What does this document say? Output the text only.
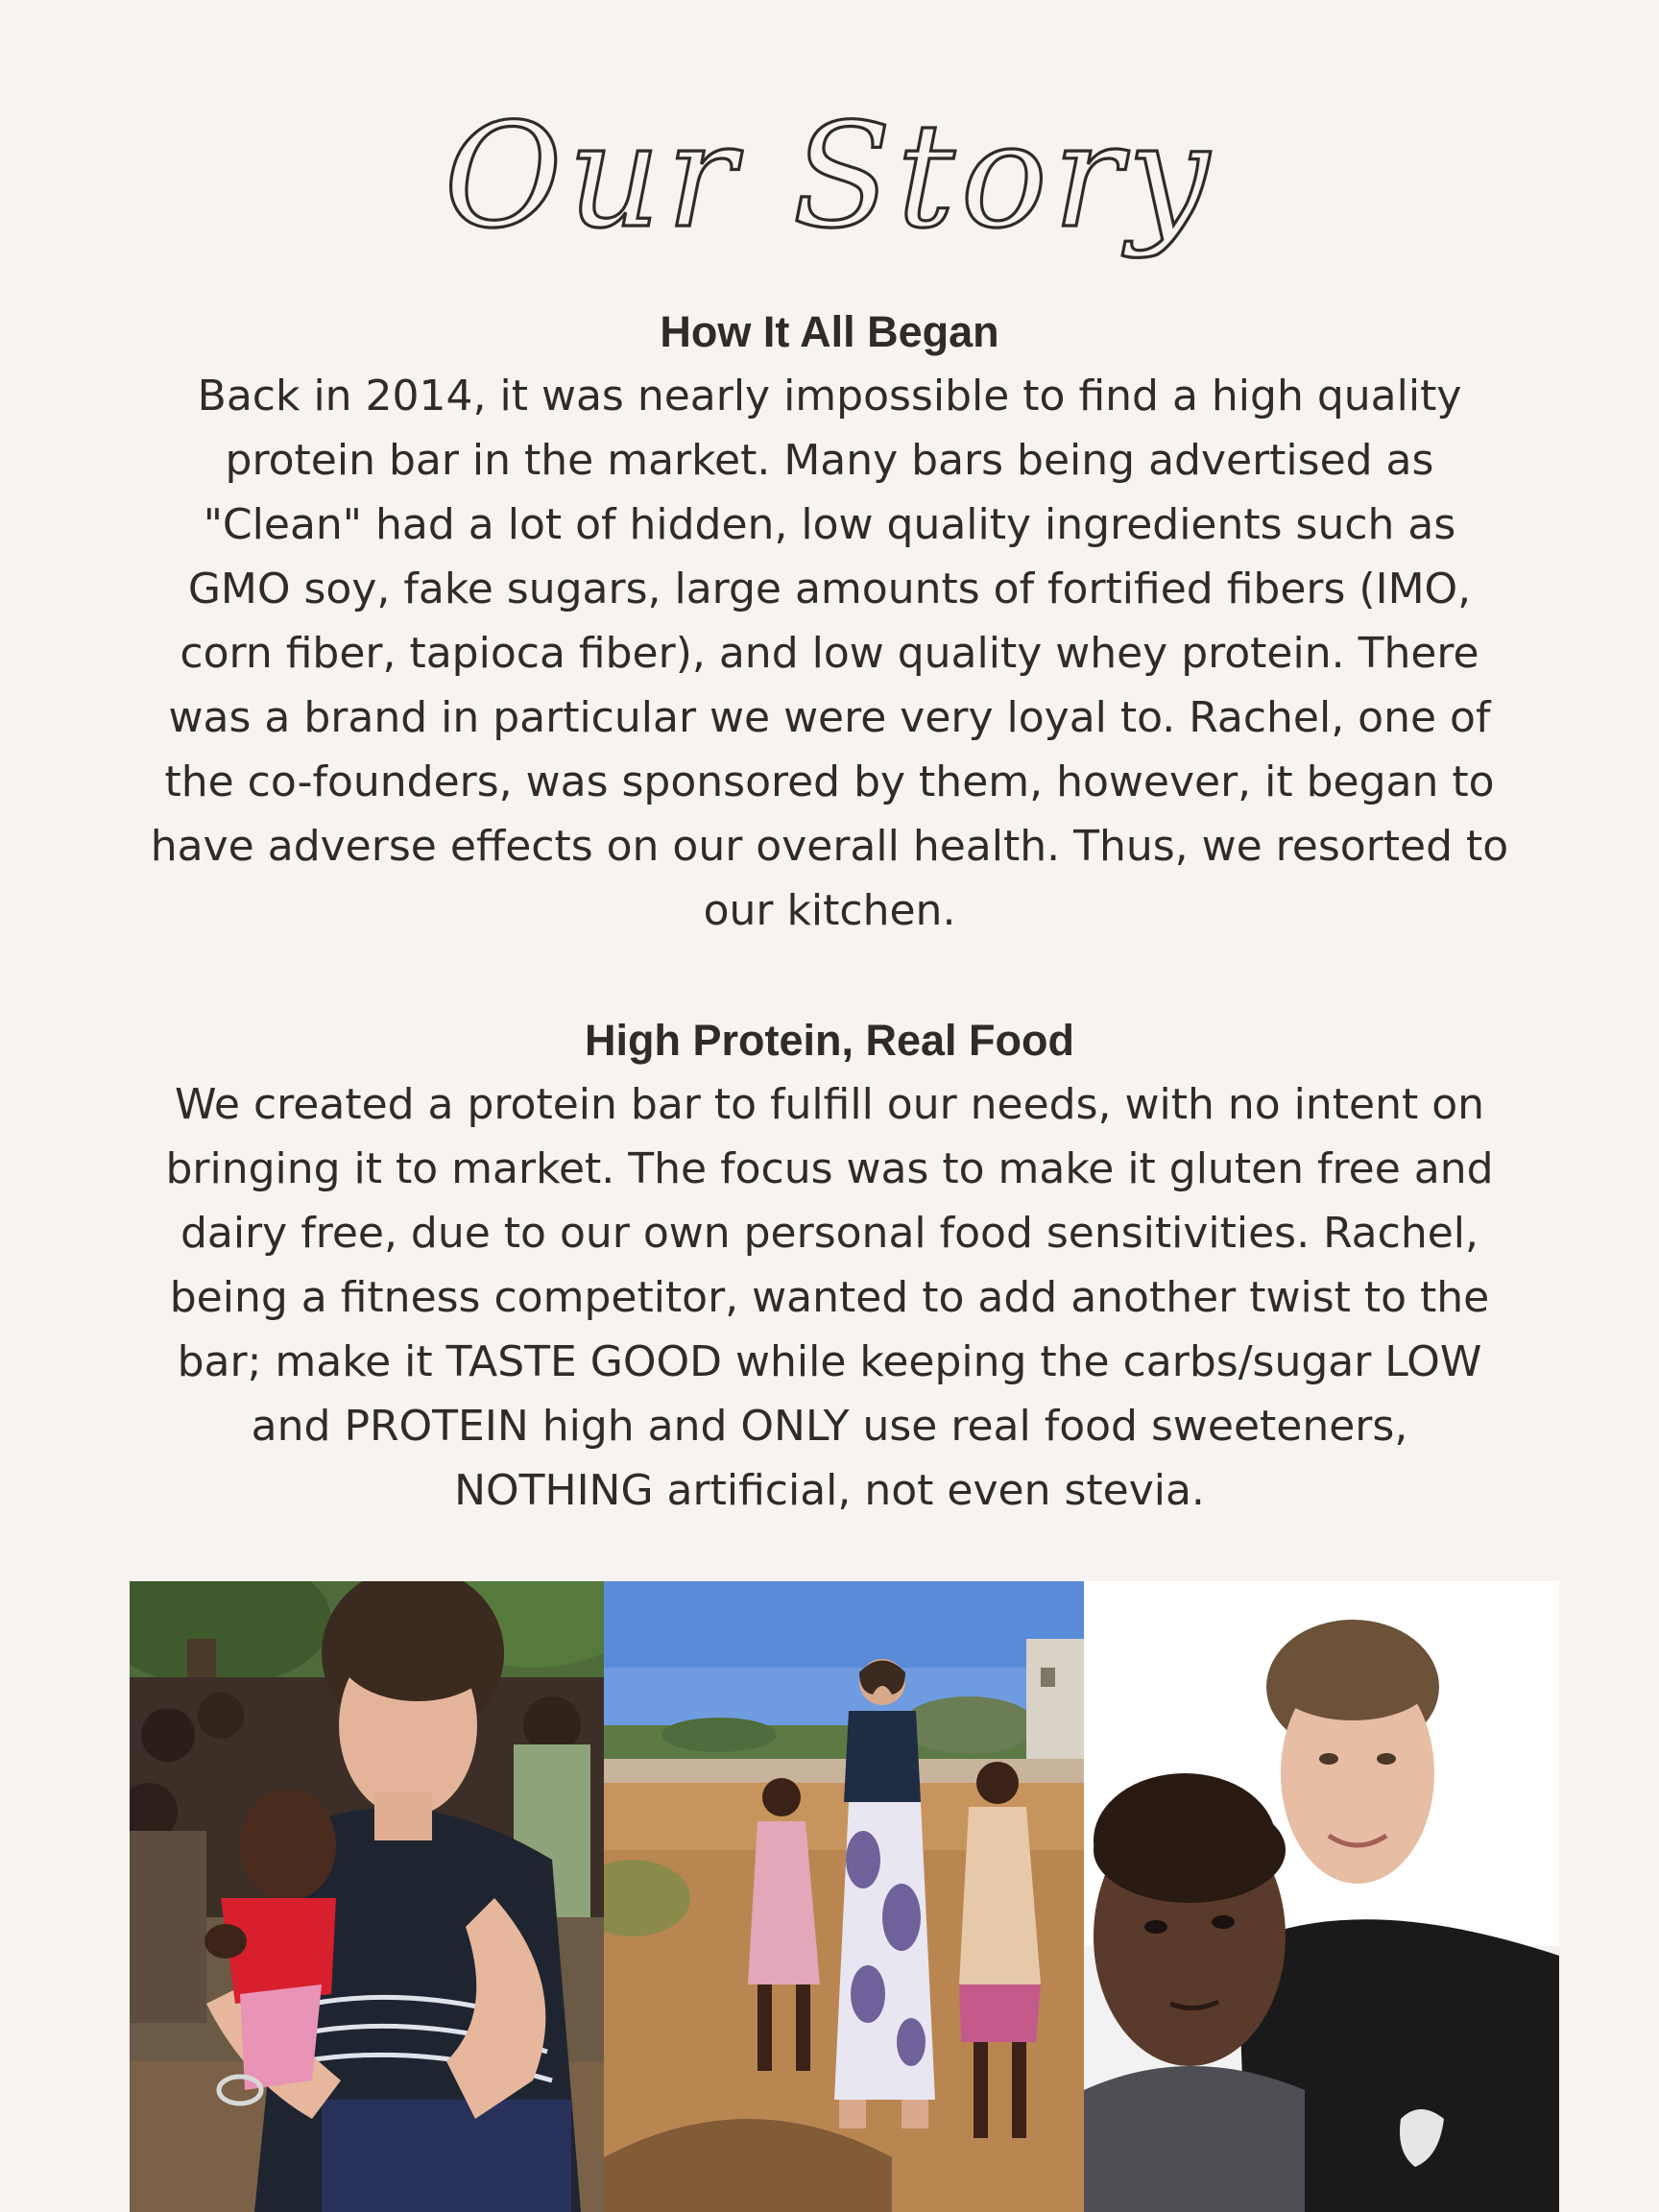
Our Story

How It All Began

Back in 2014, it was nearly impossible to find a high quality
protein bar in the market. Many bars being advertised as
"Clean" had a lot of hidden, low quality ingredients such as
GMO soy, fake sugars, large amounts of fortified fibers (IMO,
corn fiber, tapioca fiber), and low quality whey protein. There
was a brand in particular we were very loyal to. Rachel, one of
the co-founders, was sponsored by them, however, it began to
have adverse effects on our overall health. Thus, we resorted to
our kitchen.

High Protein, Real Food

We created a protein bar to fulfill our needs, with no intent on
bringing it to market. The focus was to make it gluten free and
dairy free, due to our own personal food sensitivities. Rachel,
being a fitness competitor, wanted to add another twist to the
bar; make it TASTE GOOD while keeping the carbs/sugar LOW
and PROTEIN high and ONLY use real food sweeteners,
NOTHING artificial, not even stevia.
